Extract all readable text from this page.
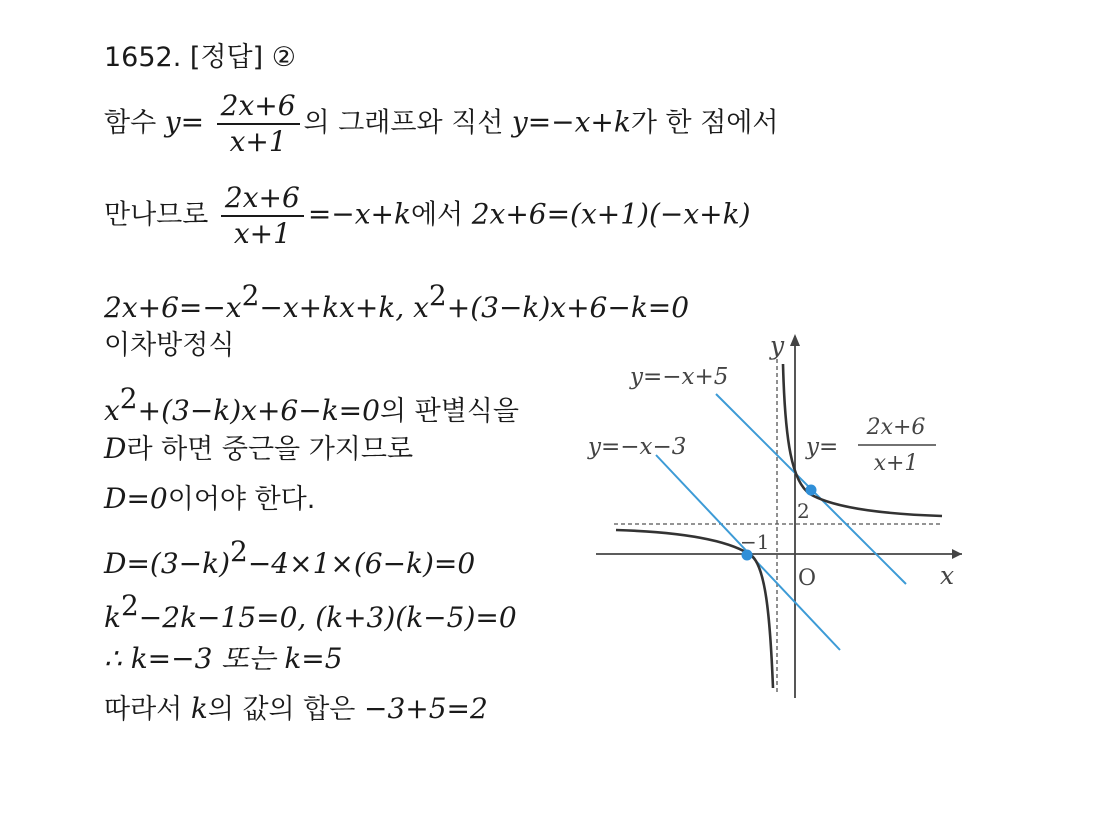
1652. [정답] ②
함수 $y= \frac{2x+6}{x+1}$ 의 그래프와 직선 y=−x+k가 한 점에서
만나므로 $\frac{2x+6}{x+1} =-x+k$에서 2x+6=(x+1)(−x+k)
$2x+6=-x^2-x+kx+k$, $x^2+(3-k)x+6-k=0$
이차방정식
$x^2+(3-k)x+6-k=0$의 판별식을
D라 하면 중근을 가지므로
D=0이어야 한다.
$D=(3-k)^2-4\times 1\times(6-k)=0$
$k^2-2k-15=0$, (k+3)(k−5)=0
∴ k=−3 또는 k=5
따라서 k의 값의 합은 −3+5=2
y
x
O
2
−1
y=−x+5
y=−x−3	y=
2x+6
x+1
